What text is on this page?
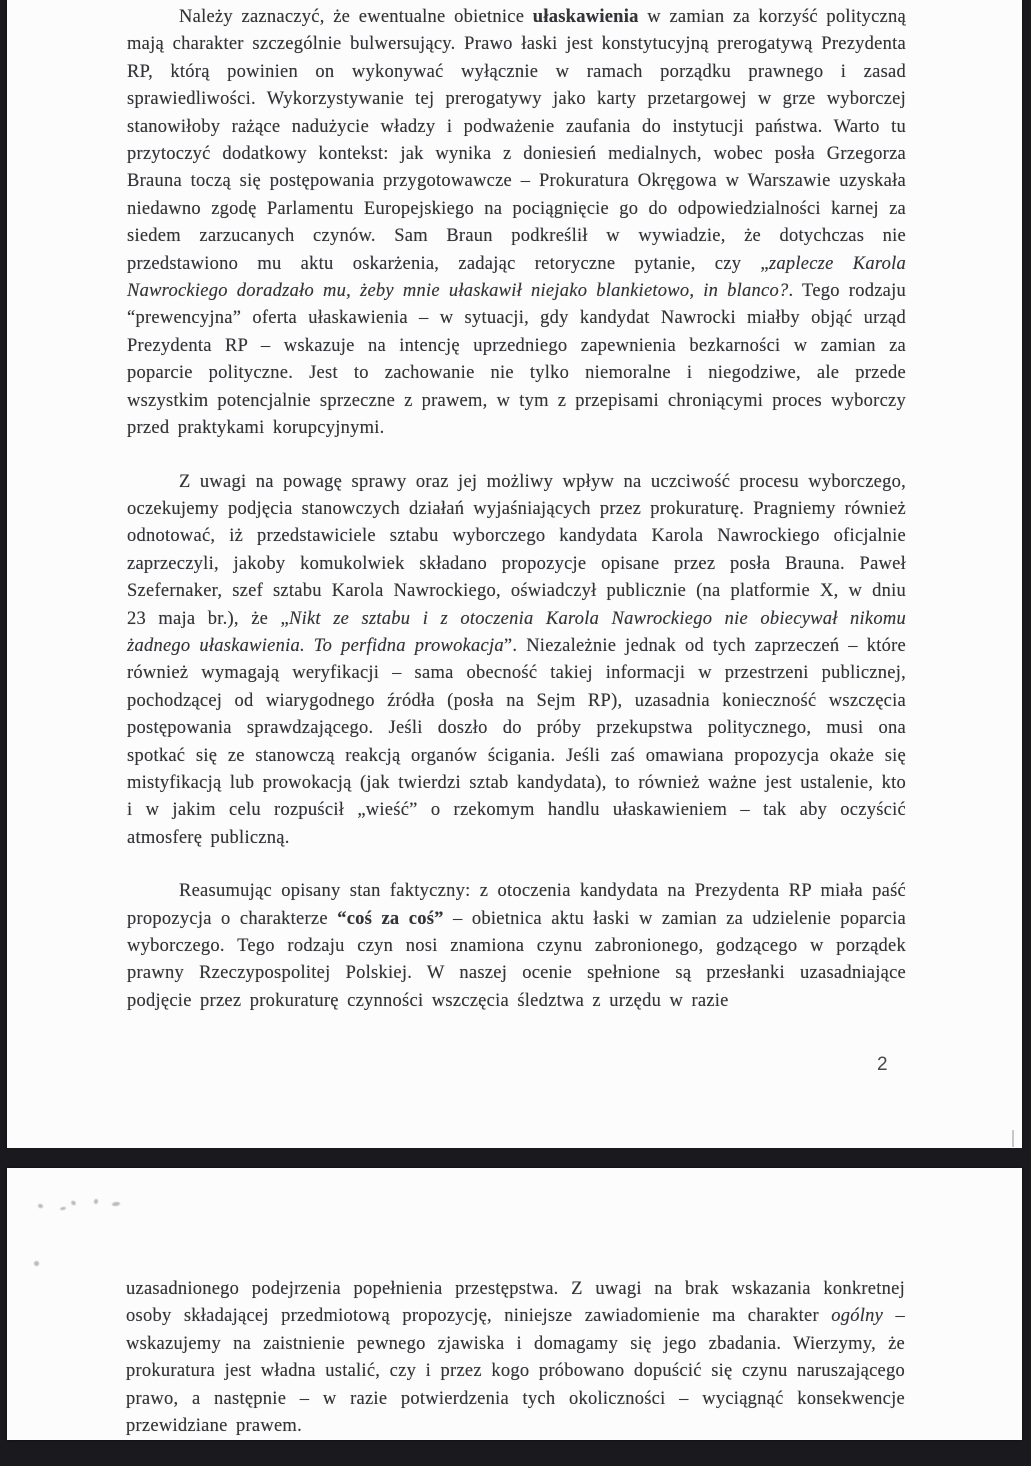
Należy zaznaczyć, że ewentualne obietnice ułaskawienia w zamian za korzyść polityczną mają charakter szczególnie bulwersujący. Prawo łaski jest konstytucyjną prerogatywą Prezydenta RP, którą powinien on wykonywać wyłącznie w ramach porządku prawnego i zasad sprawiedliwości. Wykorzystywanie tej prerogatywy jako karty przetargowej w grze wyborczej stanowiłoby rażące nadużycie władzy i podważenie zaufania do instytucji państwa. Warto tu przytoczyć dodatkowy kontekst: jak wynika z doniesień medialnych, wobec posła Grzegorza Brauna toczą się postępowania przygotowawcze – Prokuratura Okręgowa w Warszawie uzyskała niedawno zgodę Parlamentu Europejskiego na pociągnięcie go do odpowiedzialności karnej za siedem zarzucanych czynów. Sam Braun podkreślił w wywiadzie, że dotychczas nie przedstawiono mu aktu oskarżenia, zadając retoryczne pytanie, czy „zaplecze Karola Nawrockiego doradzało mu, żeby mnie ułaskawił niejako blankietowo, in blanco?. Tego rodzaju “prewencyjna” oferta ułaskawienia – w sytuacji, gdy kandydat Nawrocki miałby objąć urząd Prezydenta RP – wskazuje na intencję uprzedniego zapewnienia bezkarności w zamian za poparcie polityczne. Jest to zachowanie nie tylko niemoralne i niegodziwe, ale przede wszystkim potencjalnie sprzeczne z prawem, w tym z przepisami chroniącymi proces wyborczy przed praktykami korupcyjnymi.

Z uwagi na powagę sprawy oraz jej możliwy wpływ na uczciwość procesu wyborczego, oczekujemy podjęcia stanowczych działań wyjaśniających przez prokuraturę. Pragniemy również odnotować, iż przedstawiciele sztabu wyborczego kandydata Karola Nawrockiego oficjalnie zaprzeczyli, jakoby komukolwiek składano propozycje opisane przez posła Brauna. Paweł Szefernaker, szef sztabu Karola Nawrockiego, oświadczył publicznie (na platformie X, w dniu 23 maja br.), że „Nikt ze sztabu i z otoczenia Karola Nawrockiego nie obiecywał nikomu żadnego ułaskawienia. To perfidna prowokacja”. Niezależnie jednak od tych zaprzeczeń – które również wymagają weryfikacji – sama obecność takiej informacji w przestrzeni publicznej, pochodzącej od wiarygodnego źródła (posła na Sejm RP), uzasadnia konieczność wszczęcia postępowania sprawdzającego. Jeśli doszło do próby przekupstwa politycznego, musi ona spotkać się ze stanowczą reakcją organów ścigania. Jeśli zaś omawiana propozycja okaże się mistyfikacją lub prowokacją (jak twierdzi sztab kandydata), to również ważne jest ustalenie, kto i w jakim celu rozpuścił „wieść” o rzekomym handlu ułaskawieniem – tak aby oczyścić atmosferę publiczną.

Reasumując opisany stan faktyczny: z otoczenia kandydata na Prezydenta RP miała paść propozycja o charakterze “coś za coś” – obietnica aktu łaski w zamian za udzielenie poparcia wyborczego. Tego rodzaju czyn nosi znamiona czynu zabronionego, godzącego w porządek prawny Rzeczypospolitej Polskiej. W naszej ocenie spełnione są przesłanki uzasadniające podjęcie przez prokuraturę czynności wszczęcia śledztwa z urzędu w razie

2

uzasadnionego podejrzenia popełnienia przestępstwa. Z uwagi na brak wskazania konkretnej osoby składającej przedmiotową propozycję, niniejsze zawiadomienie ma charakter ogólny – wskazujemy na zaistnienie pewnego zjawiska i domagamy się jego zbadania. Wierzymy, że prokuratura jest władna ustalić, czy i przez kogo próbowano dopuścić się czynu naruszającego prawo, a następnie – w razie potwierdzenia tych okoliczności – wyciągnąć konsekwencje przewidziane prawem.
